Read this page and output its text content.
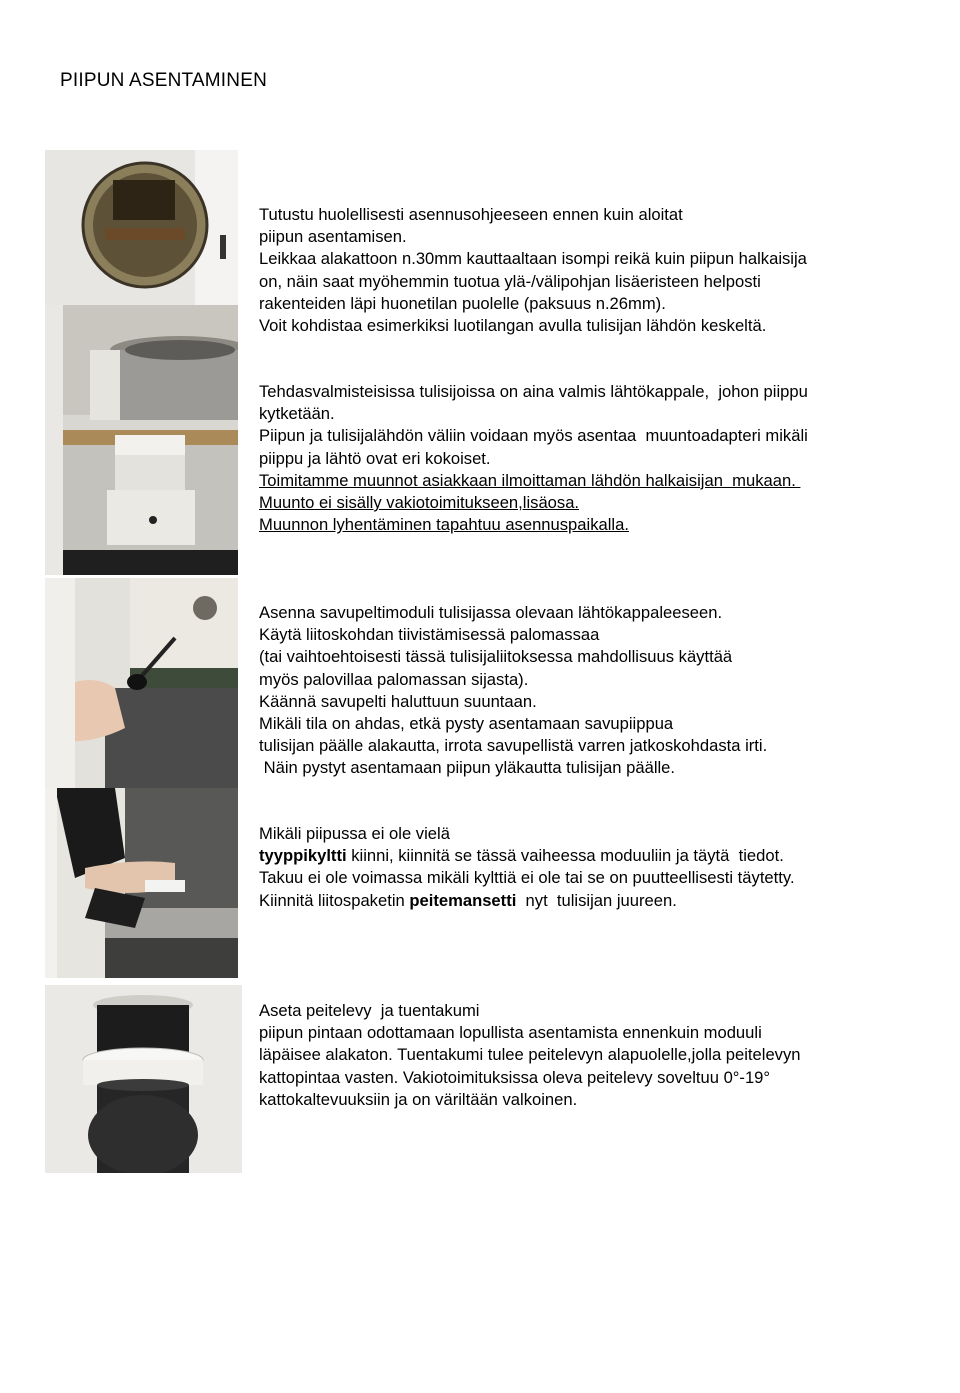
PIIPUN ASENTAMINEN

Tutustu huolellisesti asennusohjeeseen ennen kuin aloitat

piipun asentamisen.

Leikkaa alakattoon n.30mm kauttaaltaan isompi reikä kuin piipun halkaisija

on, näin saat myöhemmin tuotua ylä-/välipohjan lisäeristeen helposti

rakenteiden läpi huonetilan puolelle (paksuus n.26mm).

Voit kohdistaa esimerkiksi luotilangan avulla tulisijan lähdön keskeltä.

Tehdasvalmisteisissa tulisijoissa on aina valmis lähtökappale,  johon piippu

kytketään.

Piipun ja tulisijalähdön väliin voidaan myös asentaa  muuntoadapteri mikäli

piippu ja lähtö ovat eri kokoiset.

Toimitamme muunnot asiakkaan ilmoittaman lähdön halkaisijan  mukaan.

Muunto ei sisälly vakiotoimitukseen,lisäosa.

Muunnon lyhentäminen tapahtuu asennuspaikalla.

Asenna savupeltimoduli tulisijassa olevaan lähtökappaleeseen.

Käytä liitoskohdan tiivistämisessä palomassaa

(tai vaihtoehtoisesti tässä tulisijaliitoksessa mahdollisuus käyttää

myös palovillaa palomassan sijasta).

Käännä savupelti haluttuun suuntaan.

Mikäli tila on ahdas, etkä pysty asentamaan savupiippua

tulisijan päälle alakautta, irrota savupellistä varren jatkoskohdasta irti.

Näin pystyt asentamaan piipun yläkautta tulisijan päälle.

Mikäli piipussa ei ole vielä

tyyppikyltti kiinni, kiinnitä se tässä vaiheessa moduuliin ja täytä  tiedot.

Takuu ei ole voimassa mikäli kylttiä ei ole tai se on puutteellisesti täytetty.

Kiinnitä liitospaketin peitemansetti  nyt  tulisijan juureen.

Aseta peitelevy  ja tuentakumi

piipun pintaan odottamaan lopullista asentamista ennenkuin moduuli

läpäisee alakaton. Tuentakumi tulee peitelevyn alapuolelle,jolla peitelevyn

kattopintaa vasten. Vakiotoimituksissa oleva peitelevy soveltuu 0°-19°

kattokaltevuuksiin ja on väriltään valkoinen.
